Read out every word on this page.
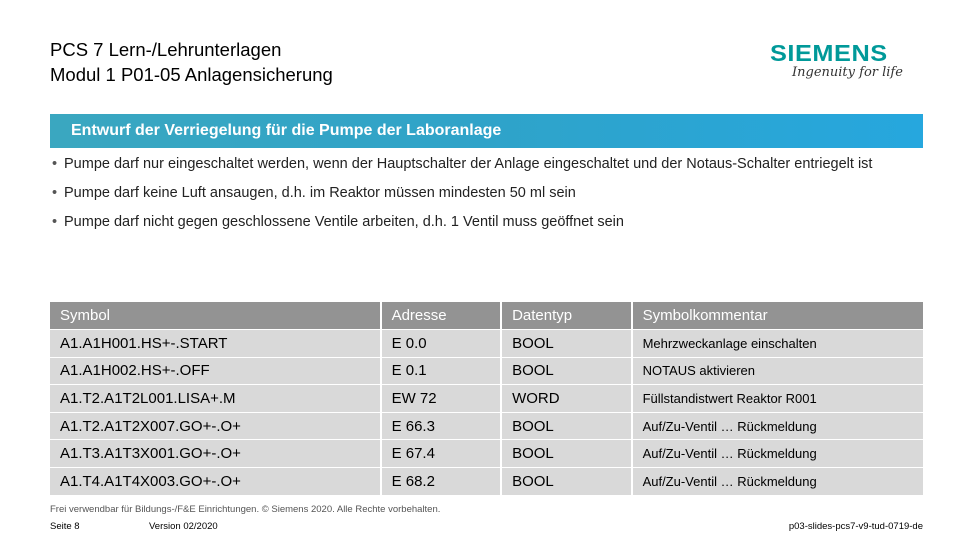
PCS 7 Lern-/Lehrunterlagen
Modul 1 P01-05 Anlagensicherung
SIEMENS
Ingenuity for life
Entwurf der Verriegelung für die Pumpe der Laboranlage
• Pumpe darf nur eingeschaltet werden, wenn der Hauptschalter der Anlage eingeschaltet und der Notaus-Schalter entriegelt ist
• Pumpe darf keine Luft ansaugen, d.h. im Reaktor müssen mindesten 50 ml sein
• Pumpe darf nicht gegen geschlossene Ventile arbeiten, d.h. 1 Ventil muss geöffnet sein
Symbol	Adresse	Datentyp	Symbolkommentar
A1.A1H001.HS+-.START	E 0.0	BOOL	Mehrzweckanlage einschalten
A1.A1H002.HS+-.OFF	E 0.1	BOOL	NOTAUS aktivieren
A1.T2.A1T2L001.LISA+.M	EW 72	WORD	Füllstandistwert Reaktor R001
A1.T2.A1T2X007.GO+-.O+	E 66.3	BOOL	Auf/Zu-Ventil … Rückmeldung
A1.T3.A1T3X001.GO+-.O+	E 67.4	BOOL	Auf/Zu-Ventil … Rückmeldung
A1.T4.A1T4X003.GO+-.O+	E 68.2	BOOL	Auf/Zu-Ventil … Rückmeldung
Frei verwendbar für Bildungs-/F&E Einrichtungen. © Siemens 2020. Alle Rechte vorbehalten.
Seite 8	Version 02/2020	p03-slides-pcs7-v9-tud-0719-de
